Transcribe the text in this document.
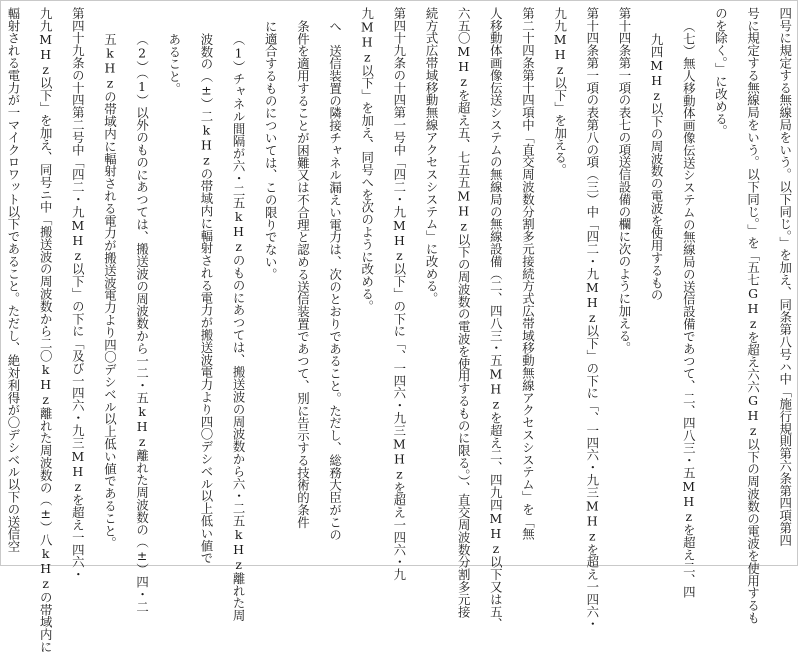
四号に規定する無線局をいう。以下同じ。」を加え、同条第八号ハ中「施行規則第六条第四項第四
号に規定する無線局をいう。以下同じ。」を「五七GHzを超え六六GHz以下の周波数の電波を使用するも
のを除く。」に改める。
（七）無人移動体画像伝送システムの無線局の送信設備であつて、二、四八三・五MHzを超え二、四
九四MHz以下の周波数の電波を使用するもの
第十四条第一項の表七の項送信設備の欄に次のように加える。
第十四条第一項の表第八の項（三）中「四二・九MHz以下」の下に「、一四六・九三MHzを超え一四六・
九九MHz以下」を加える。
第二十四条第十四項中「直交周波数分割多元接続方式広帯域移動無線アクセスシステム」を「無
人移動体画像伝送システムの無線局の無線設備（二、四八三・五MHzを超え二、四九四MHz以下又は五、
六五〇MHzを超え五、七五五MHz以下の周波数の電波を使用するものに限る。）、直交周波数分割多元接
続方式広帯域移動無線アクセスシステム」に改める。
第四十九条の十四第一号中「四二・九MHz以下」の下に「、一四六・九三MHzを超え一四六・九
九MHz以下」を加え、同号へを次のように改める。
へ　送信装置の隣接チャネル漏えい電力は、次のとおりであること。ただし、総務大臣がこの
条件を適用することが困難又は不合理と認める送信装置であつて、別に告示する技術的条件
に適合するものについては、この限りでない。
（1）チャネル間隔が六・二五kHzのものにあつては、搬送波の周波数から六・二五kHz離れた周
波数の（±）二kHzの帯域内に輻射される電力が搬送波電力より四〇デシベル以上低い値で
あること。
（2）（1）以外のものにあつては、搬送波の周波数から一二・五kHz離れた周波数の（±）四・二
五kHzの帯域内に輻射される電力が搬送波電力より四〇デシベル以上低い値であること。
第四十九条の十四第二号中「四二・九MHz以下」の下に「及び一四六・九三MHzを超え一四六・
九九MHz以下」を加え、同号ニ中「搬送波の周波数から二〇kHz離れた周波数の（±）八kHzの帯域内に
輻射される電力が一マイクロワット以下であること。ただし、絶対利得が〇デシベル以下の送信空
